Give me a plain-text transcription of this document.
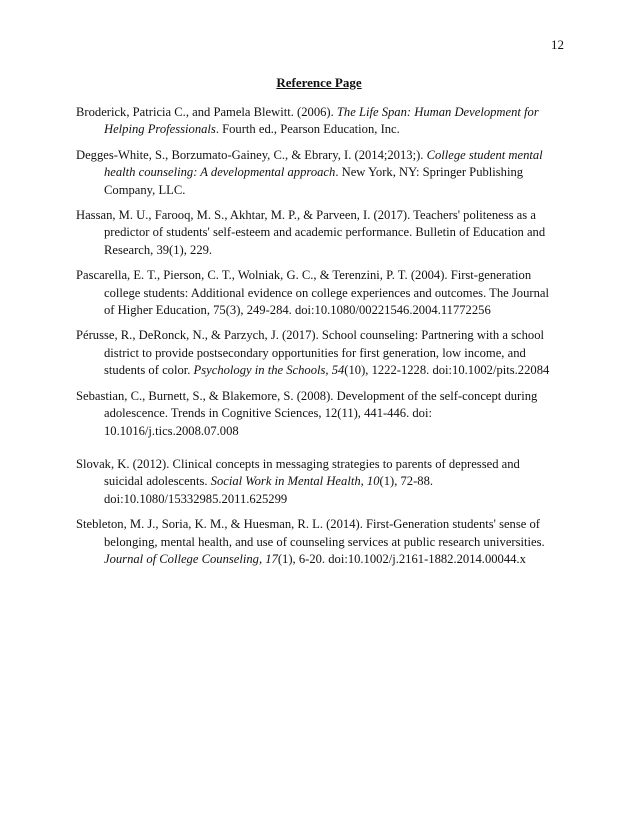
12
Reference Page

Broderick, Patricia C., and Pamela Blewitt. (2006). The Life Span: Human Development for Helping Professionals. Fourth ed., Pearson Education, Inc.

Degges-White, S., Borzumato-Gainey, C., & Ebrary, I. (2014;2013;). College student mental health counseling: A developmental approach. New York, NY: Springer Publishing Company, LLC.

Hassan, M. U., Farooq, M. S., Akhtar, M. P., & Parveen, I. (2017). Teachers' politeness as a predictor of students' self-esteem and academic performance. Bulletin of Education and Research, 39(1), 229.

Pascarella, E. T., Pierson, C. T., Wolniak, G. C., & Terenzini, P. T. (2004). First-generation college students: Additional evidence on college experiences and outcomes. The Journal of Higher Education, 75(3), 249-284. doi:10.1080/00221546.2004.11772256

Pérusse, R., DeRonck, N., & Parzych, J. (2017). School counseling: Partnering with a school district to provide postsecondary opportunities for first generation, low income, and students of color. Psychology in the Schools, 54(10), 1222-1228. doi:10.1002/pits.22084

Sebastian, C., Burnett, S., & Blakemore, S. (2008). Development of the self-concept during adolescence. Trends in Cognitive Sciences, 12(11), 441-446. doi: 10.1016/j.tics.2008.07.008

Slovak, K. (2012). Clinical concepts in messaging strategies to parents of depressed and suicidal adolescents. Social Work in Mental Health, 10(1), 72-88. doi:10.1080/15332985.2011.625299

Stebleton, M. J., Soria, K. M., & Huesman, R. L. (2014). First-Generation students' sense of belonging, mental health, and use of counseling services at public research universities. Journal of College Counseling, 17(1), 6-20. doi:10.1002/j.2161-1882.2014.00044.x
